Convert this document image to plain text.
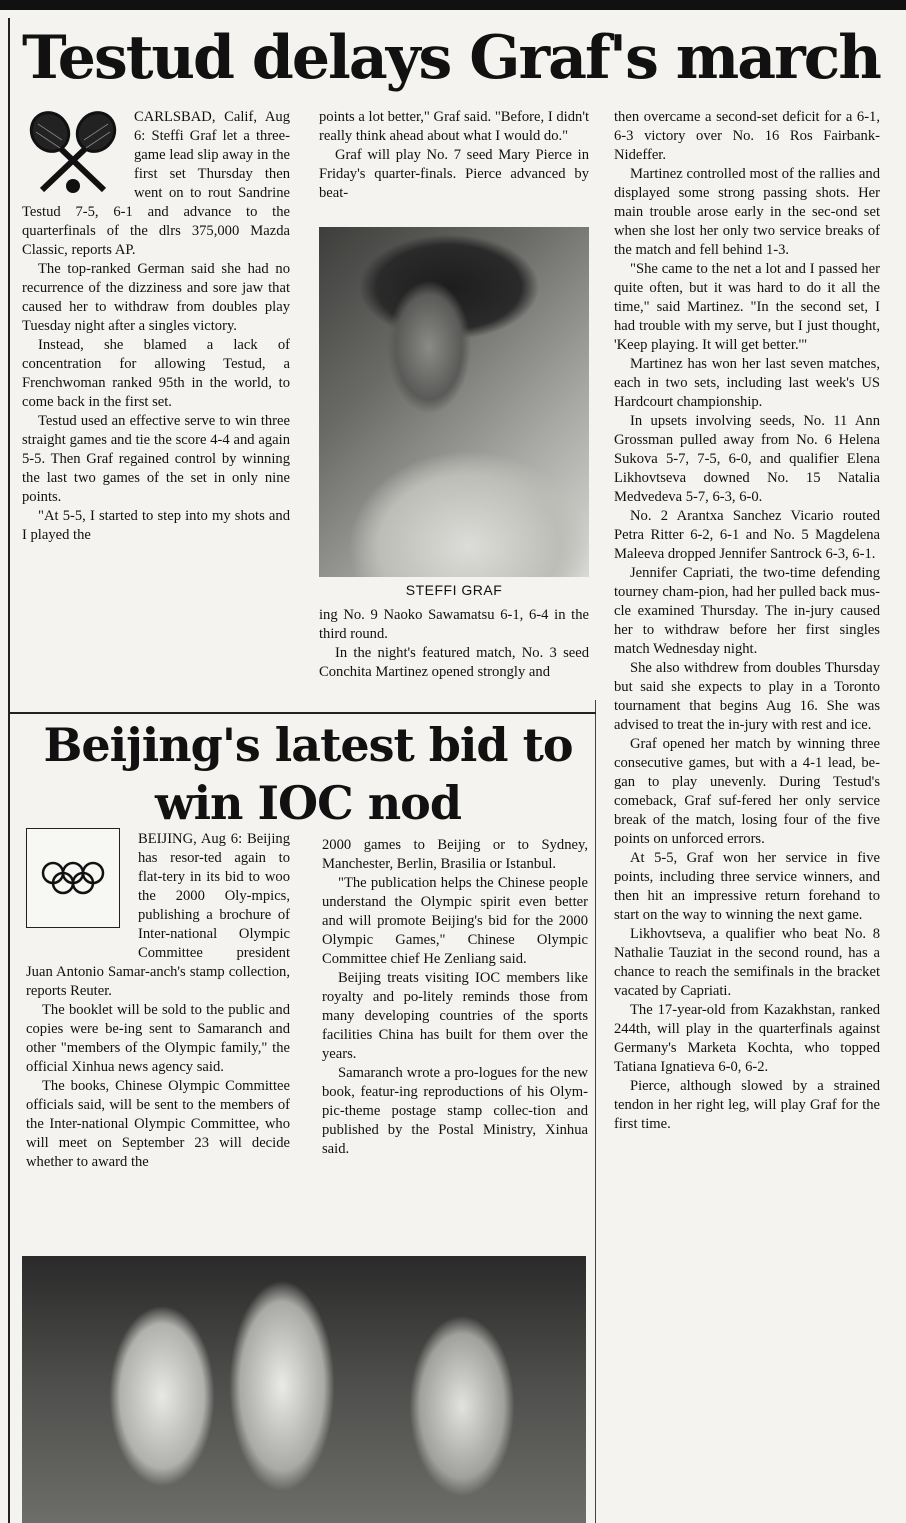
Testud delays Graf's march

CARLSBAD, Calif, Aug 6: Steffi Graf let a three-game lead slip away in the first set Thursday then went on to rout Sandrine Testud 7-5, 6-1 and advance to the quarterfinals of the dlrs 375,000 Mazda Classic, reports AP.

The top-ranked German said she had no recurrence of the dizziness and sore jaw that caused her to withdraw from doubles play Tuesday night after a singles victory.

Instead, she blamed a lack of concentration for allowing Testud, a Frenchwoman ranked 95th in the world, to come back in the first set.

Testud used an effective serve to win three straight games and tie the score 4-4 and again 5-5. Then Graf regained control by winning the last two games of the set in only nine points.

"At 5-5, I started to step into my shots and I played the

points a lot better," Graf said. "Before, I didn't really think ahead about what I would do."

Graf will play No. 7 seed Mary Pierce in Friday's quarter-finals. Pierce advanced by beat-

STEFFI GRAF

ing No. 9 Naoko Sawamatsu 6-1, 6-4 in the third round.

In the night's featured match, No. 3 seed Conchita Martinez opened strongly and

then overcame a second-set deficit for a 6-1, 6-3 victory over No. 16 Ros Fairbank-Nideffer.

Martinez controlled most of the rallies and displayed some strong passing shots. Her main trouble arose early in the sec-ond set when she lost her only two service breaks of the match and fell behind 1-3.

"She came to the net a lot and I passed her quite often, but it was hard to do it all the time," said Martinez. "In the second set, I had trouble with my serve, but I just thought, 'Keep playing. It will get better.'"

Martinez has won her last seven matches, each in two sets, including last week's US Hardcourt championship.

In upsets involving seeds, No. 11 Ann Grossman pulled away from No. 6 Helena Sukova 5-7, 7-5, 6-0, and qualifier Elena Likhovtseva downed No. 15 Natalia Medvedeva 5-7, 6-3, 6-0.

No. 2 Arantxa Sanchez Vicario routed Petra Ritter 6-2, 6-1 and No. 5 Magdelena Maleeva dropped Jennifer Santrock 6-3, 6-1.

Jennifer Capriati, the two-time defending tourney cham-pion, had her pulled back mus-cle examined Thursday. The in-jury caused her to withdraw before her first singles match Wednesday night.

She also withdrew from doubles Thursday but said she expects to play in a Toronto tournament that begins Aug 16. She was advised to treat the in-jury with rest and ice.

Graf opened her match by winning three consecutive games, but with a 4-1 lead, be-gan to play unevenly. During Testud's comeback, Graf suf-fered her only service break of the match, losing four of the five points on unforced errors.

At 5-5, Graf won her service in five points, including three service winners, and then hit an impressive return forehand to start on the way to winning the next game.

Likhovtseva, a qualifier who beat No. 8 Nathalie Tauziat in the second round, has a chance to reach the semifinals in the bracket vacated by Capriati.

The 17-year-old from Kazakhstan, ranked 244th, will play in the quarterfinals against Germany's Marketa Kochta, who topped Tatiana Ignatieva 6-0, 6-2.

Pierce, although slowed by a strained tendon in her right leg, will play Graf for the first time.

Beijing's latest bid to win IOC nod

BEIJING, Aug 6: Beijing has resor-ted again to flat-tery in its bid to woo the 2000 Oly-mpics, publishing a brochure of Inter-national Olympic Committee president Juan Antonio Samar-anch's stamp collection, reports Reuter.

The booklet will be sold to the public and copies were be-ing sent to Samaranch and other "members of the Olympic family," the official Xinhua news agency said.

The books, Chinese Olympic Committee officials said, will be sent to the members of the Inter-national Olympic Committee, who will meet on September 23 will decide whether to award the

2000 games to Beijing or to Sydney, Manchester, Berlin, Brasilia or Istanbul.

"The publication helps the Chinese people understand the Olympic spirit even better and will promote Beijing's bid for the 2000 Olympic Games," Chinese Olympic Committee chief He Zenliang said.

Beijing treats visiting IOC members like royalty and po-litely reminds those from many developing countries of the sports facilities China has built for them over the years.

Samaranch wrote a pro-logues for the new book, featur-ing reproductions of his Olym-pic-theme postage stamp collec-tion and published by the Postal Ministry, Xinhua said.
